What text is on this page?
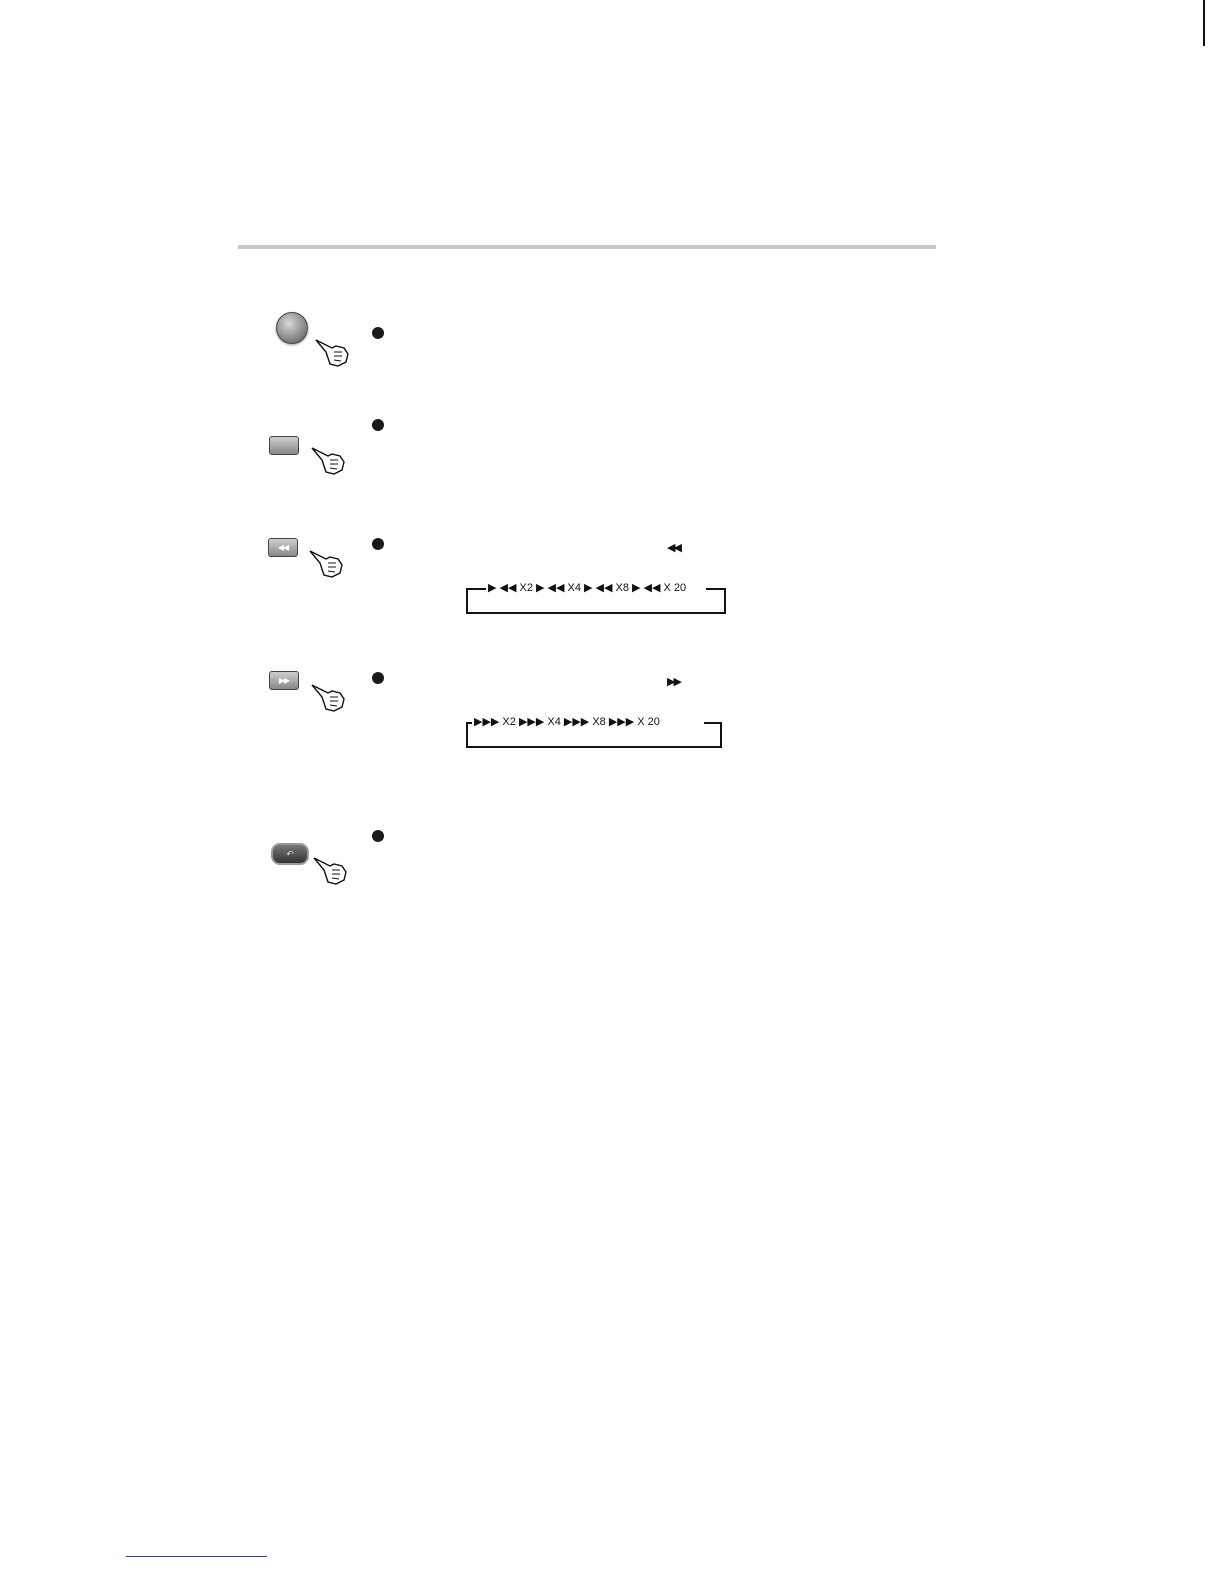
◀◀	◀◀
▶ ◀◀ X2 ▶ ◀◀ X4 ▶ ◀◀ X8 ▶ ◀◀ X 20
▶▶	▶▶
▶▶▶ X2 ▶▶▶ X4 ▶▶▶ X8 ▶▶▶ X 20
↶
